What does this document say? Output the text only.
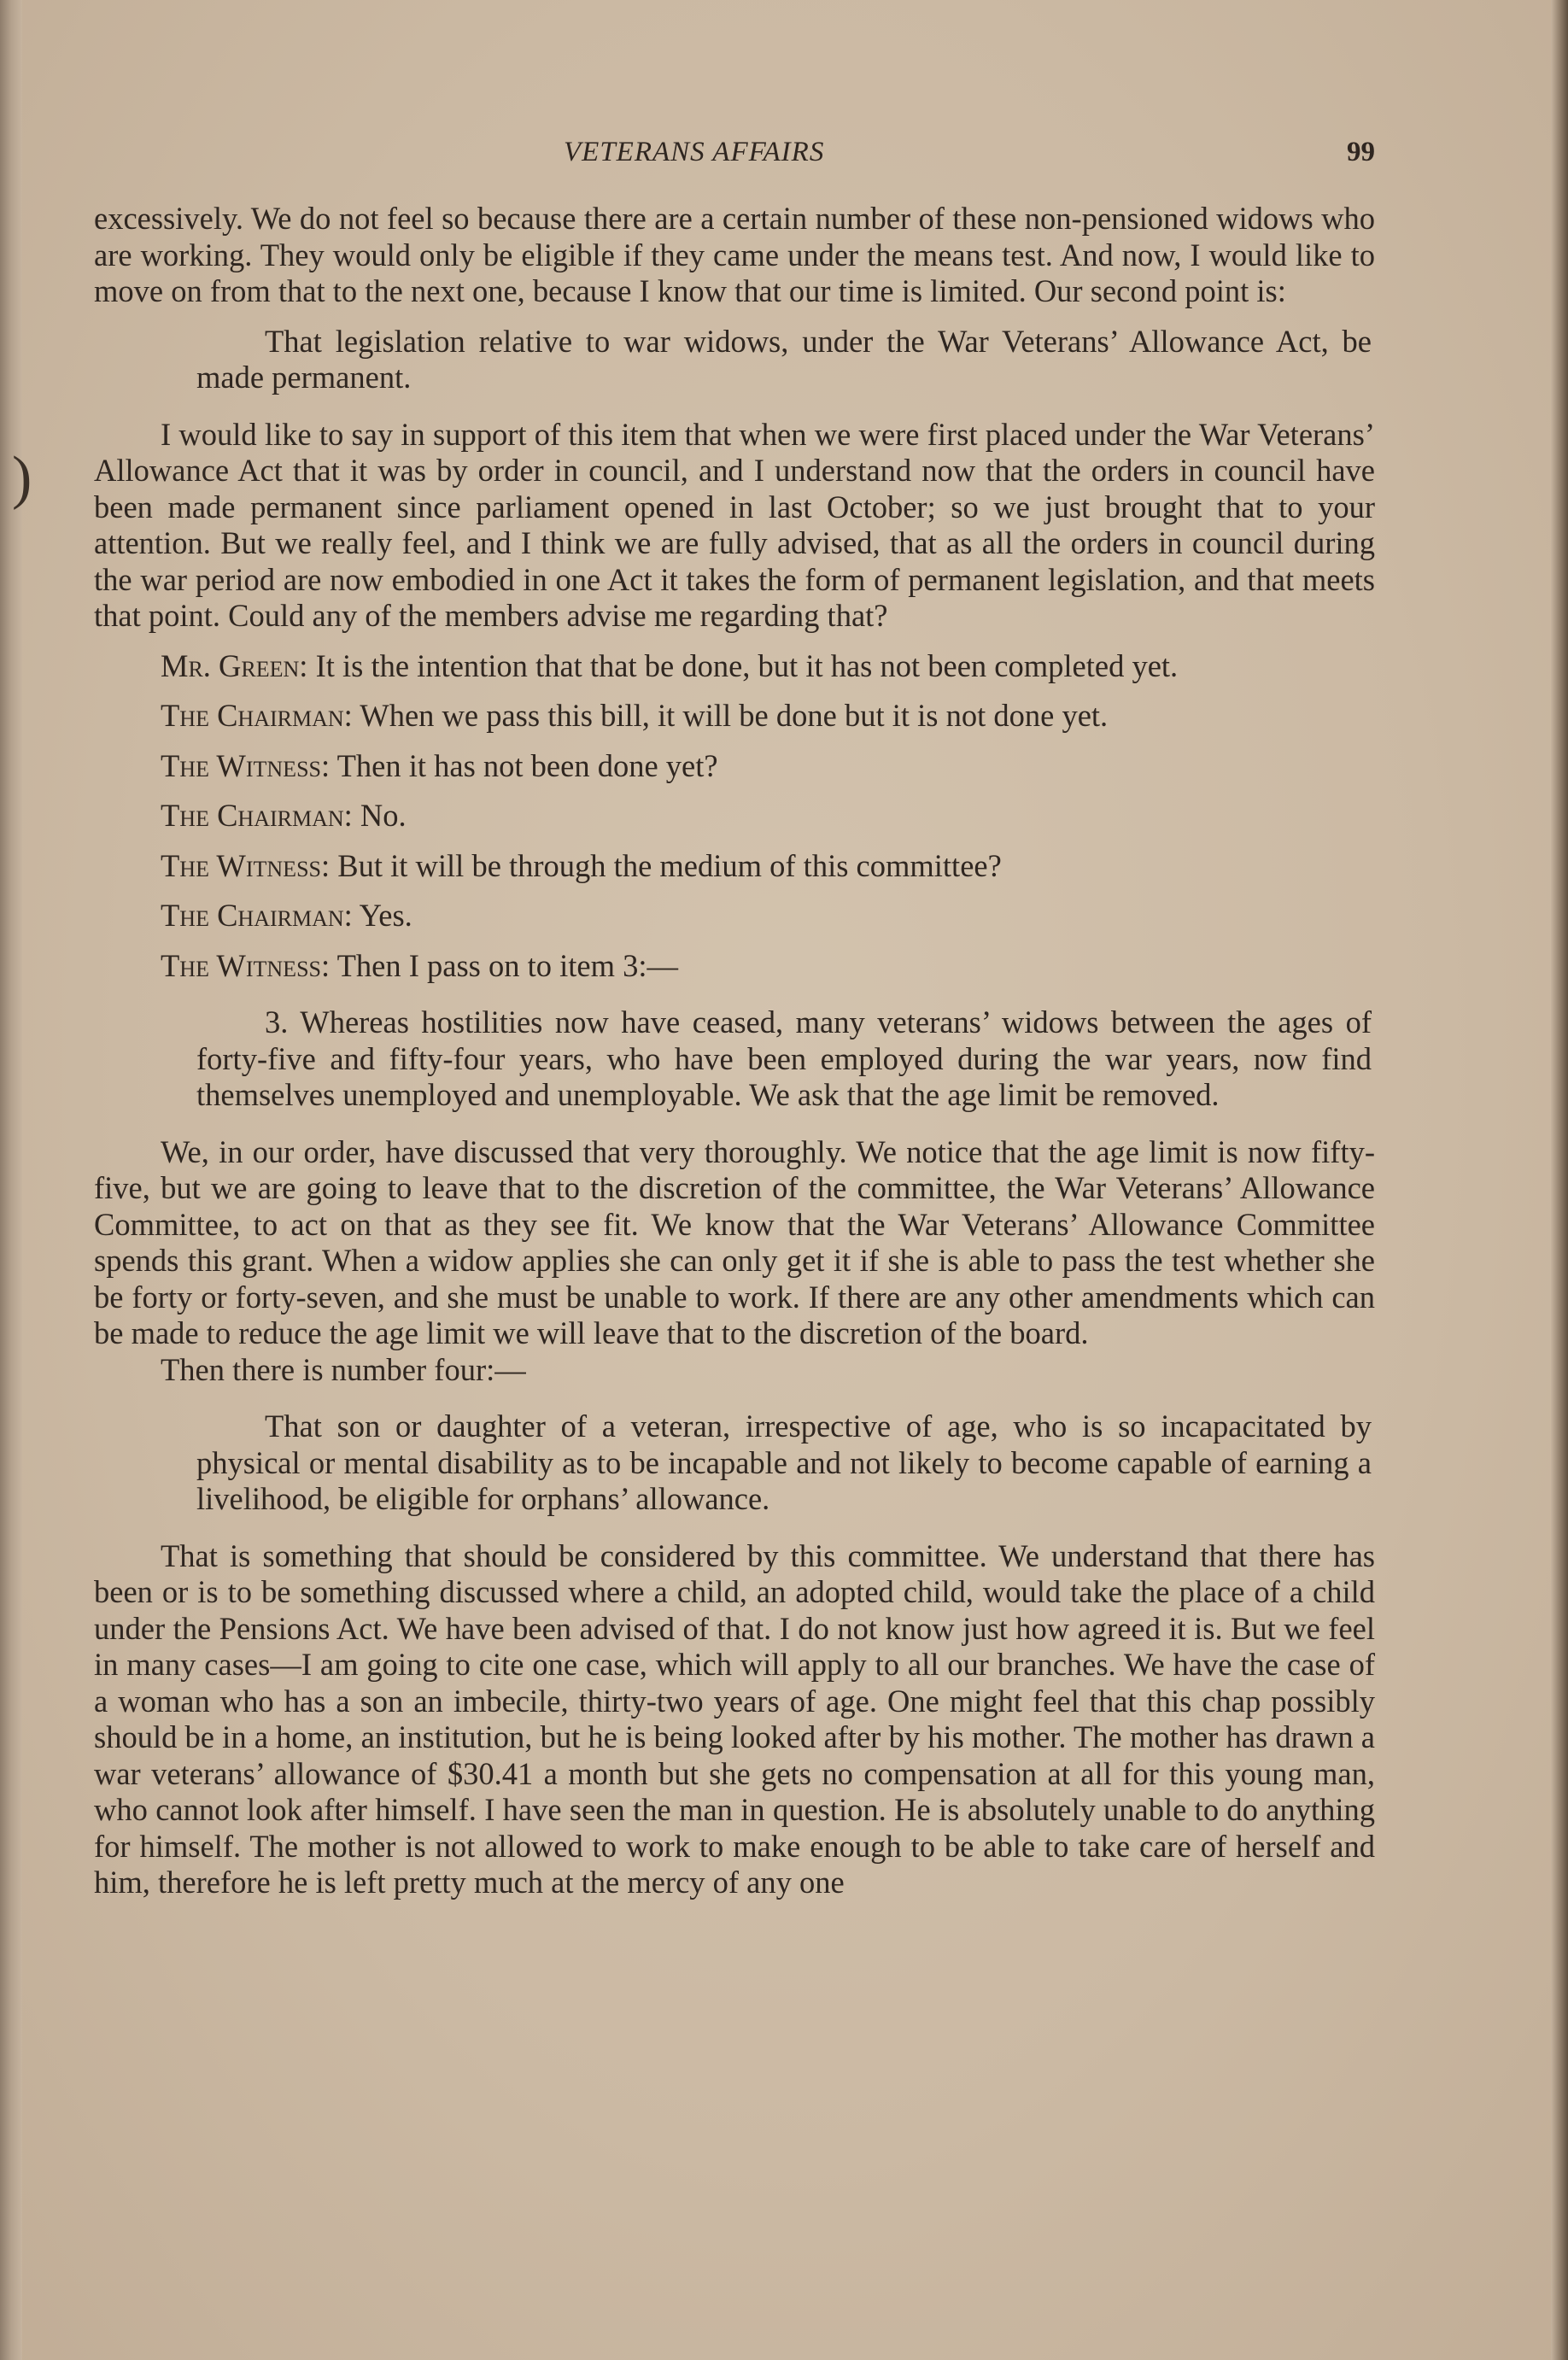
)
VETERANS AFFAIRS	99

excessively. We do not feel so because there are a certain number of these non-pensioned widows who are working. They would only be eligible if they came under the means test. And now, I would like to move on from that to the next one, because I know that our time is limited. Our second point is:

That legislation relative to war widows, under the War Veterans’ Allowance Act, be made permanent.

I would like to say in support of this item that when we were first placed under the War Veterans’ Allowance Act that it was by order in council, and I understand now that the orders in council have been made permanent since parliament opened in last October; so we just brought that to your attention. But we really feel, and I think we are fully advised, that as all the orders in council during the war period are now embodied in one Act it takes the form of permanent legislation, and that meets that point. Could any of the members advise me regarding that?

Mr. Green: It is the intention that that be done, but it has not been completed yet.

The Chairman: When we pass this bill, it will be done but it is not done yet.

The Witness: Then it has not been done yet?

The Chairman: No.

The Witness: But it will be through the medium of this committee?

The Chairman: Yes.

The Witness: Then I pass on to item 3:—

3. Whereas hostilities now have ceased, many veterans’ widows between the ages of forty-five and fifty-four years, who have been employed during the war years, now find themselves unemployed and unemployable. We ask that the age limit be removed.

We, in our order, have discussed that very thoroughly. We notice that the age limit is now fifty-five, but we are going to leave that to the discretion of the committee, the War Veterans’ Allowance Committee, to act on that as they see fit. We know that the War Veterans’ Allowance Committee spends this grant. When a widow applies she can only get it if she is able to pass the test whether she be forty or forty-seven, and she must be unable to work. If there are any other amendments which can be made to reduce the age limit we will leave that to the discretion of the board.

Then there is number four:—

That son or daughter of a veteran, irrespective of age, who is so incapacitated by physical or mental disability as to be incapable and not likely to become capable of earning a livelihood, be eligible for orphans’ allowance.

That is something that should be considered by this committee. We understand that there has been or is to be something discussed where a child, an adopted child, would take the place of a child under the Pensions Act. We have been advised of that. I do not know just how agreed it is. But we feel in many cases—I am going to cite one case, which will apply to all our branches. We have the case of a woman who has a son an imbecile, thirty-two years of age. One might feel that this chap possibly should be in a home, an institution, but he is being looked after by his mother. The mother has drawn a war veterans’ allowance of $30.41 a month but she gets no compensation at all for this young man, who cannot look after himself. I have seen the man in question. He is absolutely unable to do anything for himself. The mother is not allowed to work to make enough to be able to take care of herself and him, therefore he is left pretty much at the mercy of any one
